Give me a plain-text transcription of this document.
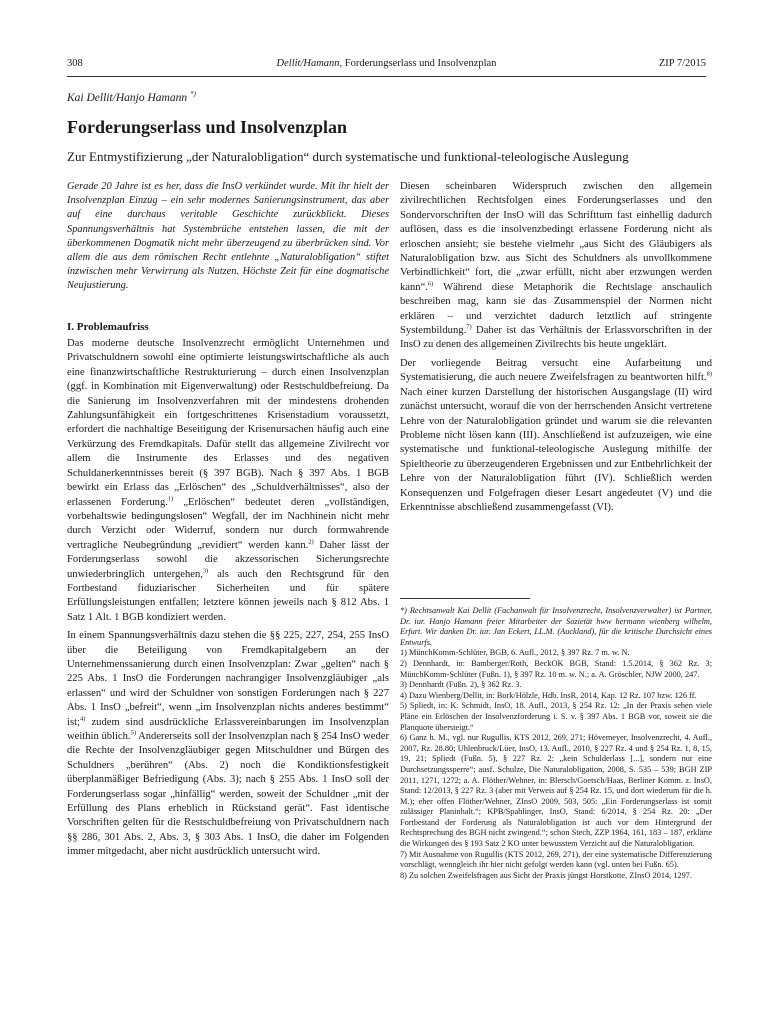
308	Dellit/Hamann, Forderungserlass und Insolvenzplan	ZIP 7/2015
Kai Dellit/Hanjo Hamann *)
Forderungserlass und Insolvenzplan
Zur Entmystifizierung „der Naturalobligation“ durch systematische und funktional-teleologische Auslegung

Gerade 20 Jahre ist es her, dass die InsO verkündet wurde. Mit ihr hielt der Insolvenzplan Einzug – ein sehr modernes Sanierungsinstrument, das aber auf eine durchaus veritable Geschichte zurückblickt. Dieses Spannungsverhältnis hat Systembrüche entstehen lassen, die mit der überkommenen Dogmatik nicht mehr überzeugend zu überbrücken sind. Vor allem die aus dem römischen Recht entlehnte „Naturalobligation“ stiftet inzwischen mehr Verwirrung als Nutzen. Höchste Zeit für eine dogmatische Neujustierung.

I. Problemaufriss

Das moderne deutsche Insolvenzrecht ermöglicht Unternehmen und Privatschuldnern sowohl eine optimierte leistungswirtschaftliche als auch eine finanzwirtschaftliche Restrukturierung – durch einen Insolvenzplan (ggf. in Kombination mit Eigenverwaltung) oder Restschuldbefreiung. Da die Sanierung im Insolvenzverfahren mit der mindestens drohenden Zahlungsunfähigkeit ein fortgeschrittenes Krisenstadium voraussetzt, erfordert die nachhaltige Beseitigung der Krisenursachen häufig auch eine Verkürzung des Fremdkapitals. Dafür stellt das allgemeine Zivilrecht vor allem die Instrumente des Erlasses und des negativen Schuldanerkenntnisses bereit (§ 397 BGB). Nach § 397 Abs. 1 BGB bewirkt ein Erlass das „Erlöschen“ des „Schuldverhältnisses“, also der erlassenen Forderung.$^{1)}$ „Erlöschen“ bedeutet deren „vollständigen, vorbehaltswie bedingungslosen“ Wegfall, der im Nachhinein nicht mehr durch Verzicht oder Widerruf, sondern nur durch formwahrende vertragliche Neubegründung „revidiert“ werden kann.$^{2)}$ Daher lässt der Forderungserlass sowohl die akzessorischen Sicherungsrechte unwiederbringlich untergehen,$^{3)}$ als auch den Rechtsgrund für den Fortbestand fiduziarischer Sicherheiten und für spätere Erfüllungsleistungen entfallen; letztere können jeweils nach § 812 Abs. 1 Satz 1 Alt. 1 BGB kondiziert werden.

In einem Spannungsverhältnis dazu stehen die §§ 225, 227, 254, 255 InsO über die Beteiligung von Fremdkapitalgebern an der Unternehmenssanierung durch einen Insolvenzplan: Zwar „gelten“ nach § 225 Abs. 1 InsO die Forderungen nachrangiger Insolvenzgläubiger „als erlassen“ und wird der Schuldner von sonstigen Forderungen nach § 227 Abs. 1 InsO „befreit“, wenn „im Insolvenzplan nichts anderes bestimmt“ ist;$^{4)}$ zudem sind ausdrückliche Erlassvereinbarungen im Insolvenzplan weithin üblich.$^{5)}$ Andererseits soll der Insolvenzplan nach § 254 InsO weder die Rechte der Insolvenzgläubiger gegen Mitschuldner und Bürgen des Schuldners „berühren“ (Abs. 2) noch die Kondiktionsfestigkeit überplanmäßiger Befriedigung (Abs. 3); nach § 255 Abs. 1 InsO soll der Forderungserlass sogar „hinfällig“ werden, soweit der Schuldner „mit der Erfüllung des Plans erheblich in Rückstand gerät“. Fast identische Vorschriften gelten für die Restschuldbefreiung von Privatschuldnern nach §§ 286, 301 Abs. 2, Abs. 3, § 303 Abs. 1 InsO, die daher im Folgenden immer mitgedacht, aber nicht ausdrücklich untersucht wird.

Diesen scheinbaren Widerspruch zwischen den allgemein zivilrechtlichen Rechtsfolgen eines Forderungserlasses und den Sondervorschriften der InsO will das Schrifttum fast einhellig dadurch auflösen, dass es die insolvenzbedingt erlassene Forderung nicht als erloschen ansieht; sie bestehe vielmehr „aus Sicht des Gläubigers als Naturalobligation bzw. aus Sicht des Schuldners als unvollkommene Verbindlichkeit“ fort, die „zwar erfüllt, nicht aber erzwungen werden kann“.$^{6)}$ Während diese Metaphorik die Rechtslage anschaulich beschreiben mag, kann sie das Zusammenspiel der Normen nicht erklären – und verzichtet dadurch letztlich auf stringente Systembildung.$^{7)}$ Daher ist das Verhältnis der Erlassvorschriften in der InsO zu denen des allgemeinen Zivilrechts bis heute ungeklärt.

Der vorliegende Beitrag versucht eine Aufarbeitung und Systematisierung, die auch neuere Zweifelsfragen zu beantworten hilft.$^{8)}$ Nach einer kurzen Darstellung der historischen Ausgangslage (II) wird zunächst untersucht, worauf die von der herrschenden Ansicht vertretene Lehre von der Naturalobligation gründet und warum sie die relevanten Probleme nicht lösen kann (III). Anschließend ist aufzuzeigen, wie eine systematische und funktional-teleologische Auslegung mithilfe der Spieltheorie zu überzeugenderen Ergebnissen und zur Entbehrlichkeit der Lehre von der Naturalobligation führt (IV). Schließlich werden Konsequenzen und Folgefragen dieser Lesart angedeutet (V) und die Erkenntnisse abschließend zusammengefasst (VI).

*) Rechtsanwalt Kai Dellit (Fachanwalt für Insolvenzrecht, Insolvenzverwalter) ist Partner, Dr. iur. Hanjo Hamann freier Mitarbeiter der Sozietät hww hermann wienberg wilhelm, Erfurt. Wir danken Dr. iur. Jan Eckert, LL.M. (Auckland), für die kritische Durchsicht eines Entwurfs.

1) MünchKomm-Schlüter, BGB, 6. Aufl., 2012, § 397 Rz. 7 m. w. N.

2) Dennhardt, in: Bamberger/Roth, BeckOK BGB, Stand: 1.5.2014, § 362 Rz. 3; MünchKomm-Schlüter (Fußn. 1), § 397 Rz. 10 m. w. N.; a. A. Gröschler, NJW 2000, 247.

3) Dennhardt (Fußn. 2), § 362 Rz. 3.

4) Dazu Wienberg/Dellit, in: Bork/Hölzle, Hdb. InsR, 2014, Kap. 12 Rz. 107 bzw. 126 ff.

5) Spliedt, in: K. Schmidt, InsO, 18. Aufl., 2013, § 254 Rz. 12: „In der Praxis sehen viele Pläne ein Erlöschen der Insolvenzforderung i. S. v. § 397 Abs. 1 BGB vor, soweit sie die Planquote übersteigt.“

6) Ganz h. M., vgl. nur Rugullis, KTS 2012, 269, 271; Hövemeyer, Insolvenzrecht, 4. Aufl., 2007, Rz. 28.80; Uhlenbruck/Lüer, InsO, 13. Aufl., 2010, § 227 Rz. 4 und § 254 Rz. 1, 8, 15, 19, 21; Spliedt (Fußn. 5), § 227 Rz. 2: „kein Schulderlass [...], sondern nur eine Durchsetzungssperre“; ausf. Schulze, Die Naturalobligation, 2008, S. 535 – 539; BGH ZIP 2011, 1271, 1272; a. A. Flöther/Wehner, in: Blersch/Goetsch/Haas, Berliner Komm. z. InsO, Stand: 12/2013, § 227 Rz. 3 (aber mit Verweis auf § 254 Rz. 15, und dort wiederum für die h. M.); eher offen Flöther/Wehner, ZInsO 2009, 503, 505: „Ein Forderungserlass ist somit zulässiger Planinhalt.“; KPB/Spahlinger, InsO, Stand: 6/2014, § 254 Rz. 20: „Der Fortbestand der Forderung als Naturalobligation ist auch vor dem Hintergrund der Rechtsprechung des BGH nicht zwingend.“; schon Stech, ZZP 1964, 161, 183 – 187, erklärte die Wirkungen des § 193 Satz 2 KO unter bewusstem Verzicht auf die Naturalobligation.

7) Mit Ausnahme von Rugullis (KTS 2012, 269, 271), der eine systematische Differenzierung vorschlägt, wenngleich ihr hier nicht gefolgt werden kann (vgl. unten bei Fußn. 65).

8) Zu solchen Zweifelsfragen aus Sicht der Praxis jüngst Horstkotte, ZInsO 2014, 1297.
